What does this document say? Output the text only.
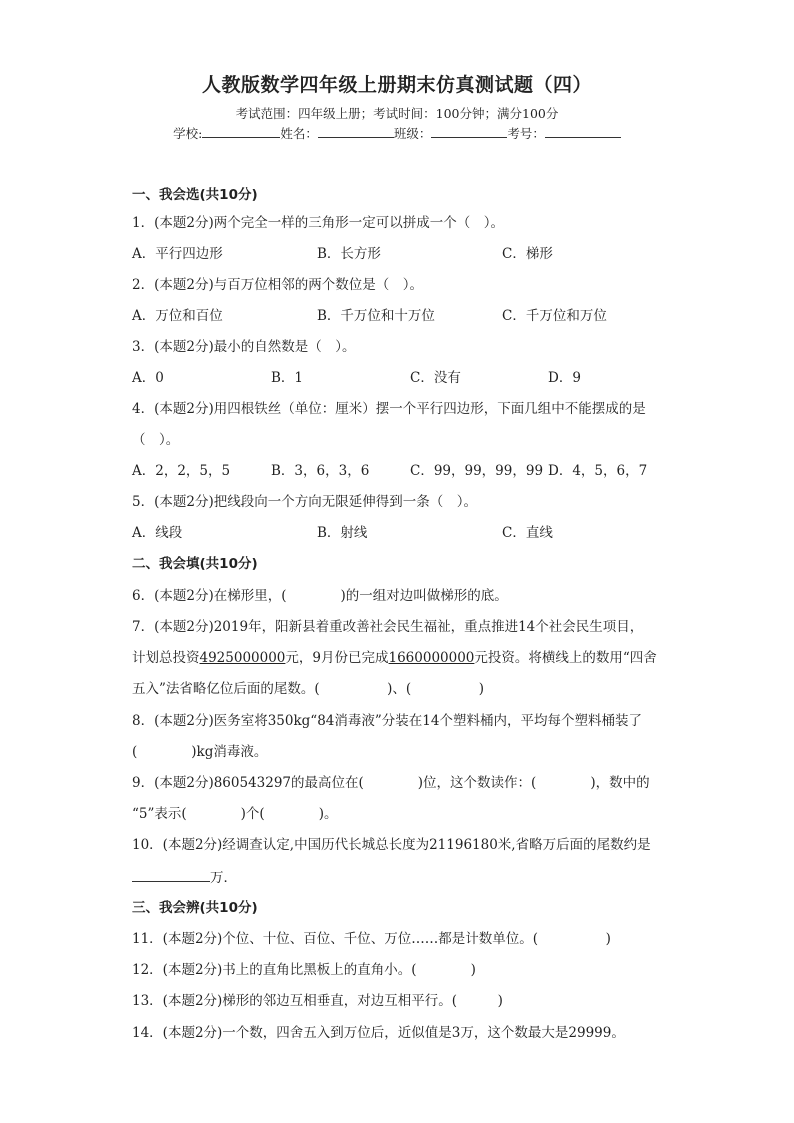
人教版数学四年级上册期末仿真测试题（四）
考试范围：四年级上册；考试时间：100分钟；满分100分
学校:	姓名：	班级：	考号：
一、我会选(共10分)
1．(本题2分)两个完全一样的三角形一定可以拼成一个（　）。
A．平行四边形	B．长方形	C．梯形
2．(本题2分)与百万位相邻的两个数位是（　）。
A．万位和百位	B．千万位和十万位	C．千万位和万位
3．(本题2分)最小的自然数是（　）。
A．0	B．1	C．没有	D．9
4．(本题2分)用四根铁丝（单位：厘米）摆一个平行四边形，下面几组中不能摆成的是
（　）。
A．2，2，5，5	B．3，6，3，6	C．99，99，99，99 D．4，5，6，7
5．(本题2分)把线段向一个方向无限延伸得到一条（　）。
A．线段	B．射线	C．直线
二、我会填(共10分)
6．(本题2分)在梯形里，(　　　　)的一组对边叫做梯形的底。
7．(本题2分)2019年，阳新县着重改善社会民生福祉，重点推进14个社会民生项目，
计划总投资4925000000元，9月份已完成1660000000元投资。将横线上的数用“四舍
五入”法省略亿位后面的尾数。(　　　　　)、(　　　　　)
8．(本题2分)医务室将350kg“84消毒液”分装在14个塑料桶内，平均每个塑料桶装了
(　　　　)kg消毒液。
9．(本题2分)860543297的最高位在(　　　　)位，这个数读作：(　　　　)，数中的
“5”表示(　　　　)个(　　　　)。
10．(本题2分)经调查认定,中国历代长城总长度为21196180米,省略万后面的尾数约是
万．
三、我会辨(共10分)
11．(本题2分)个位、十位、百位、千位、万位……都是计数单位。(　　　　　)
12．(本题2分)书上的直角比黑板上的直角小。(　　　　)
13．(本题2分)梯形的邻边互相垂直，对边互相平行。(　　　)
14．(本题2分)一个数，四舍五入到万位后，近似值是3万，这个数最大是29999。
